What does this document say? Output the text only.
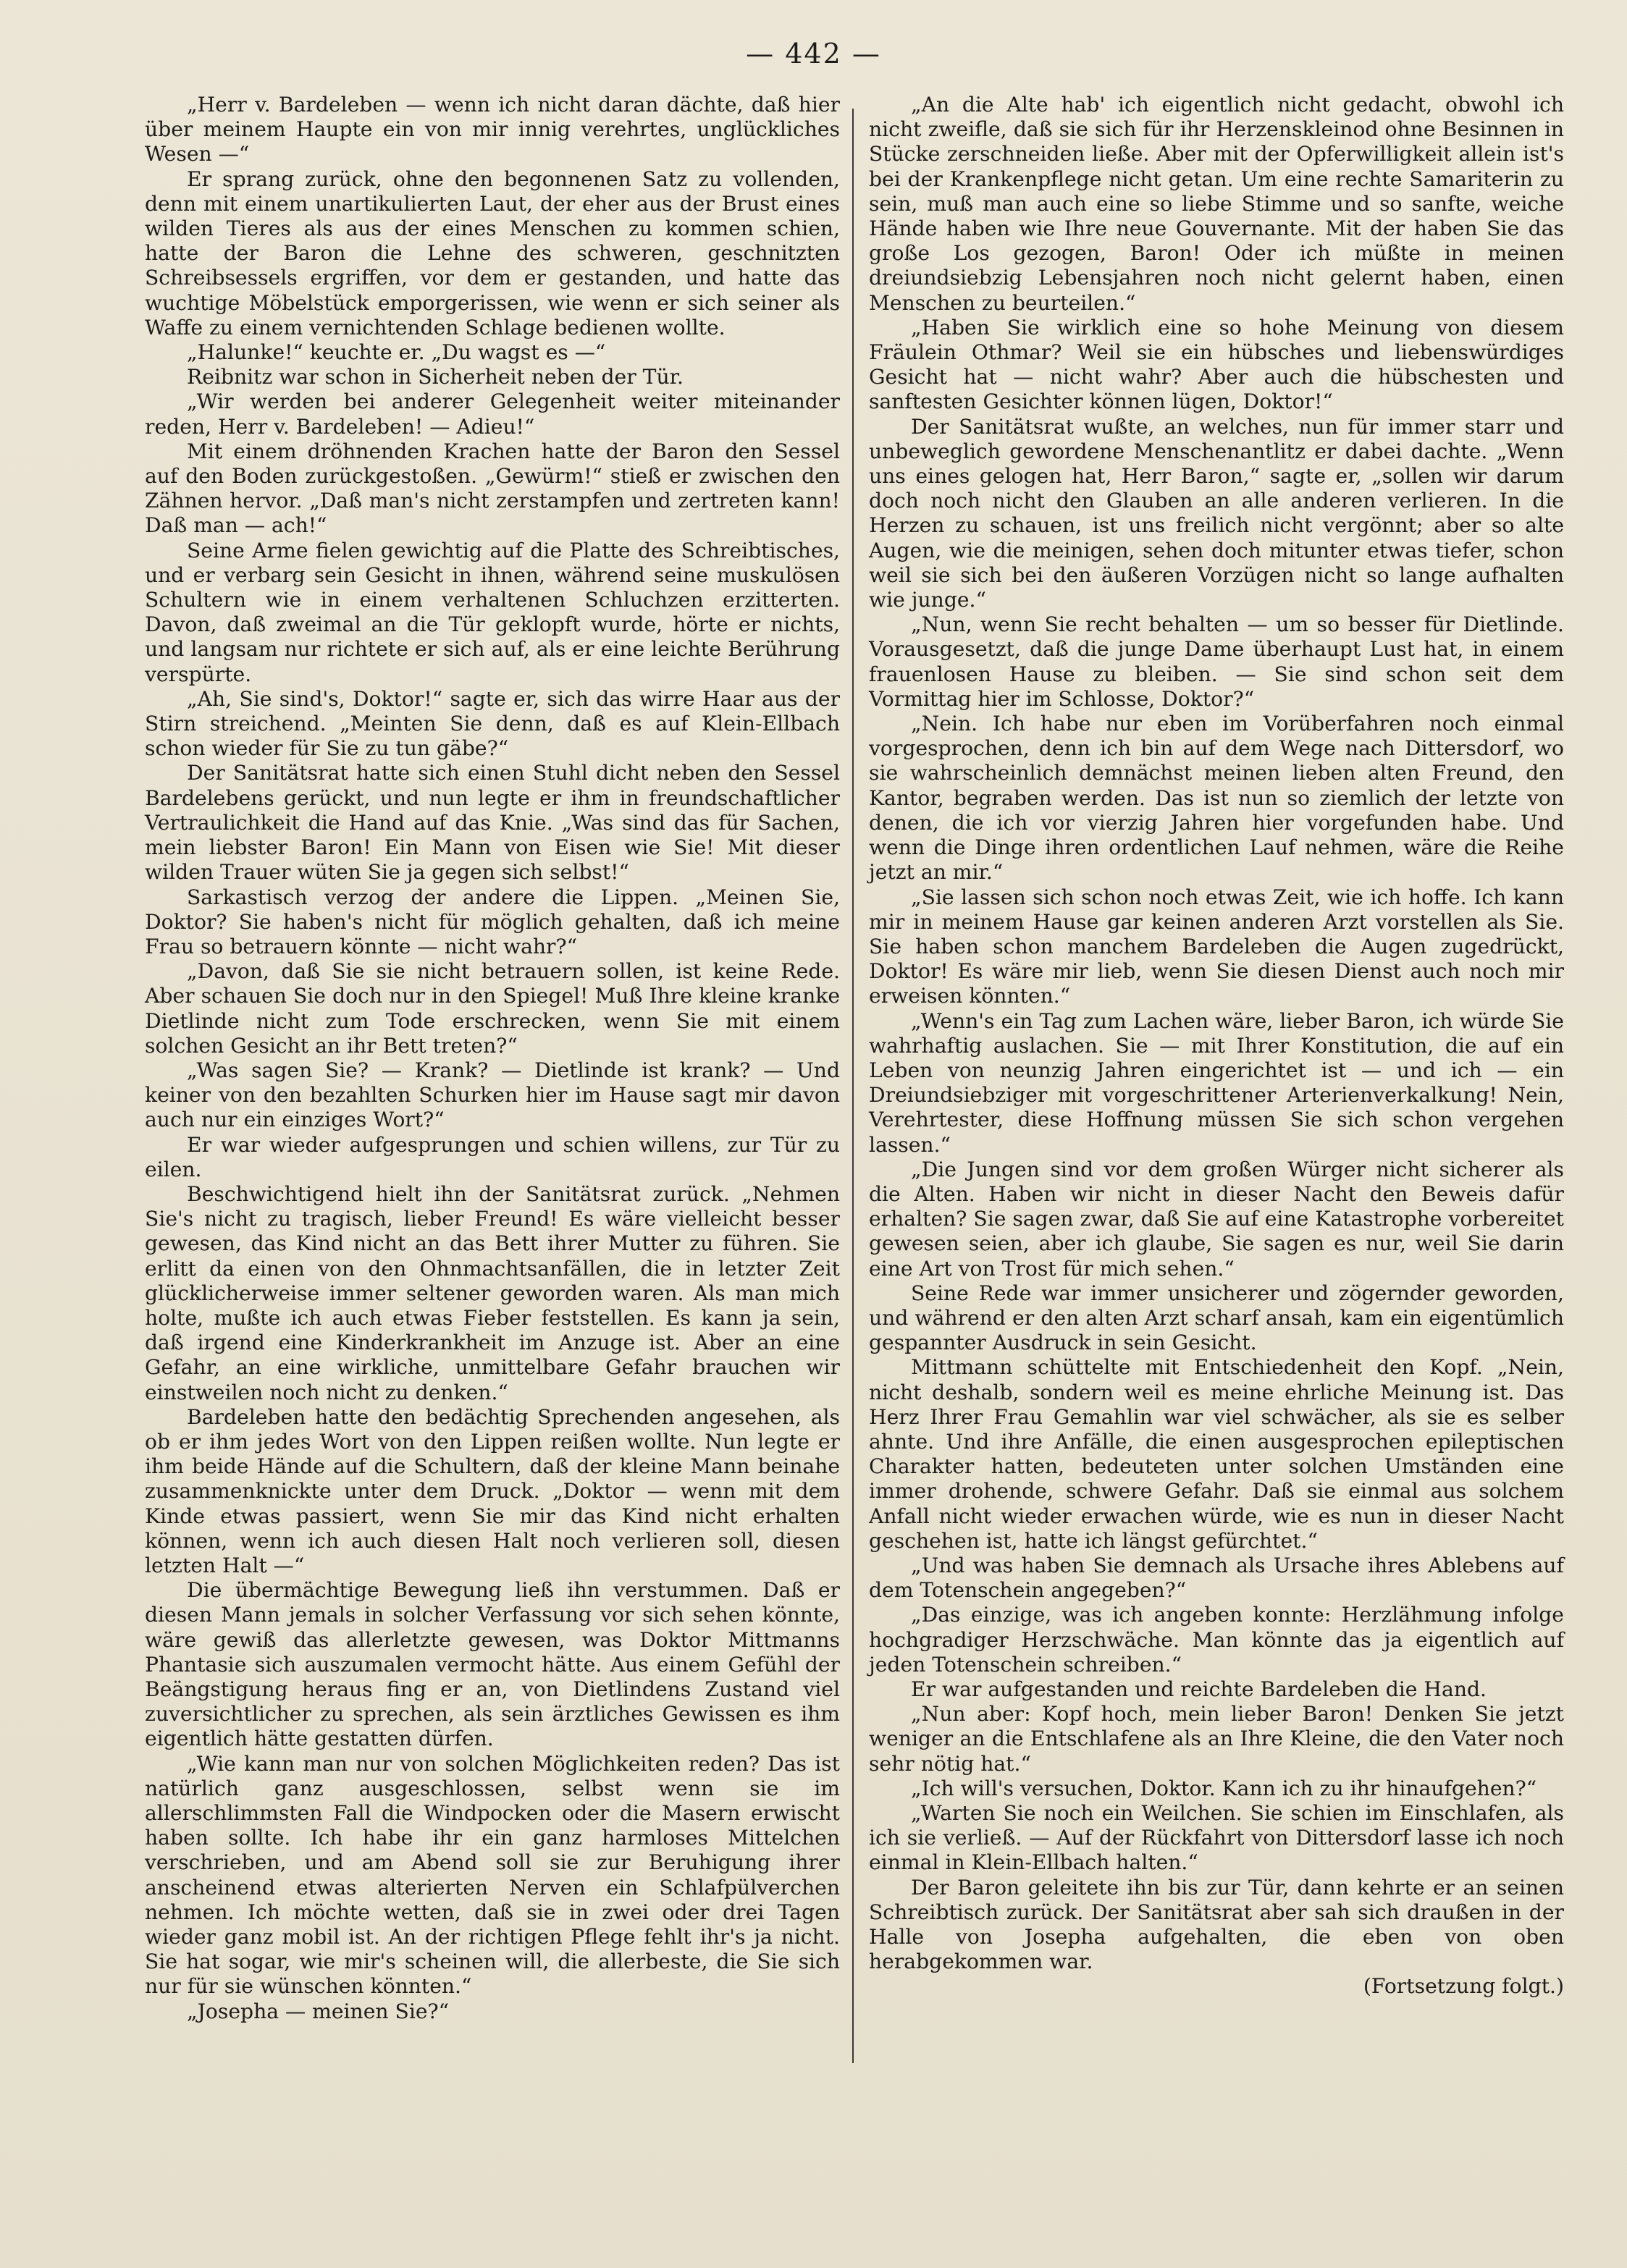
— 442 —

„Herr v. Bardeleben — wenn ich nicht daran dächte, daß hier über meinem Haupte ein von mir innig verehrtes, unglückliches Wesen —“

Er sprang zurück, ohne den begonnenen Satz zu vollenden, denn mit einem unartikulierten Laut, der eher aus der Brust eines wilden Tieres als aus der eines Menschen zu kommen schien, hatte der Baron die Lehne des schweren, geschnitzten Schreibsessels ergriffen, vor dem er gestanden, und hatte das wuchtige Möbelstück emporgerissen, wie wenn er sich seiner als Waffe zu einem vernichtenden Schlage bedienen wollte.

„Halunke!“ keuchte er. „Du wagst es —“

Reibnitz war schon in Sicherheit neben der Tür.

„Wir werden bei anderer Gelegenheit weiter miteinander reden, Herr v. Bardeleben! — Adieu!“

Mit einem dröhnenden Krachen hatte der Baron den Sessel auf den Boden zurückgestoßen. „Gewürm!“ stieß er zwischen den Zähnen hervor. „Daß man's nicht zerstampfen und zertreten kann! Daß man — ach!“

Seine Arme fielen gewichtig auf die Platte des Schreibtisches, und er verbarg sein Gesicht in ihnen, während seine muskulösen Schultern wie in einem verhaltenen Schluchzen erzitterten. Davon, daß zweimal an die Tür geklopft wurde, hörte er nichts, und langsam nur richtete er sich auf, als er eine leichte Berührung verspürte.

„Ah, Sie sind's, Doktor!“ sagte er, sich das wirre Haar aus der Stirn streichend. „Meinten Sie denn, daß es auf Klein-Ellbach schon wieder für Sie zu tun gäbe?“

Der Sanitätsrat hatte sich einen Stuhl dicht neben den Sessel Bardelebens gerückt, und nun legte er ihm in freundschaftlicher Vertraulichkeit die Hand auf das Knie. „Was sind das für Sachen, mein liebster Baron! Ein Mann von Eisen wie Sie! Mit dieser wilden Trauer wüten Sie ja gegen sich selbst!“

Sarkastisch verzog der andere die Lippen. „Meinen Sie, Doktor? Sie haben's nicht für möglich gehalten, daß ich meine Frau so betrauern könnte — nicht wahr?“

„Davon, daß Sie sie nicht betrauern sollen, ist keine Rede. Aber schauen Sie doch nur in den Spiegel! Muß Ihre kleine kranke Dietlinde nicht zum Tode erschrecken, wenn Sie mit einem solchen Gesicht an ihr Bett treten?“

„Was sagen Sie? — Krank? — Dietlinde ist krank? — Und keiner von den bezahlten Schurken hier im Hause sagt mir davon auch nur ein einziges Wort?“

Er war wieder aufgesprungen und schien willens, zur Tür zu eilen.

Beschwichtigend hielt ihn der Sanitätsrat zurück. „Nehmen Sie's nicht zu tragisch, lieber Freund! Es wäre vielleicht besser gewesen, das Kind nicht an das Bett ihrer Mutter zu führen. Sie erlitt da einen von den Ohnmachtsanfällen, die in letzter Zeit glücklicherweise immer seltener geworden waren. Als man mich holte, mußte ich auch etwas Fieber feststellen. Es kann ja sein, daß irgend eine Kinderkrankheit im Anzuge ist. Aber an eine Gefahr, an eine wirkliche, unmittelbare Gefahr brauchen wir einstweilen noch nicht zu denken.“

Bardeleben hatte den bedächtig Sprechenden angesehen, als ob er ihm jedes Wort von den Lippen reißen wollte. Nun legte er ihm beide Hände auf die Schultern, daß der kleine Mann beinahe zusammenknickte unter dem Druck. „Doktor — wenn mit dem Kinde etwas passiert, wenn Sie mir das Kind nicht erhalten können, wenn ich auch diesen Halt noch verlieren soll, diesen letzten Halt —“

Die übermächtige Bewegung ließ ihn verstummen. Daß er diesen Mann jemals in solcher Verfassung vor sich sehen könnte, wäre gewiß das allerletzte gewesen, was Doktor Mittmanns Phantasie sich auszumalen vermocht hätte. Aus einem Gefühl der Beängstigung heraus fing er an, von Dietlindens Zustand viel zuversichtlicher zu sprechen, als sein ärztliches Gewissen es ihm eigentlich hätte gestatten dürfen.

„Wie kann man nur von solchen Möglichkeiten reden? Das ist natürlich ganz ausgeschlossen, selbst wenn sie im allerschlimmsten Fall die Windpocken oder die Masern erwischt haben sollte. Ich habe ihr ein ganz harmloses Mittelchen verschrieben, und am Abend soll sie zur Beruhigung ihrer anscheinend etwas alterierten Nerven ein Schlafpülverchen nehmen. Ich möchte wetten, daß sie in zwei oder drei Tagen wieder ganz mobil ist. An der richtigen Pflege fehlt ihr's ja nicht. Sie hat sogar, wie mir's scheinen will, die allerbeste, die Sie sich nur für sie wünschen könnten.“

„Josepha — meinen Sie?“

„An die Alte hab' ich eigentlich nicht gedacht, obwohl ich nicht zweifle, daß sie sich für ihr Herzenskleinod ohne Besinnen in Stücke zerschneiden ließe. Aber mit der Opferwilligkeit allein ist's bei der Krankenpflege nicht getan. Um eine rechte Samariterin zu sein, muß man auch eine so liebe Stimme und so sanfte, weiche Hände haben wie Ihre neue Gouvernante. Mit der haben Sie das große Los gezogen, Baron! Oder ich müßte in meinen dreiundsiebzig Lebensjahren noch nicht gelernt haben, einen Menschen zu beurteilen.“

„Haben Sie wirklich eine so hohe Meinung von diesem Fräulein Othmar? Weil sie ein hübsches und liebenswürdiges Gesicht hat — nicht wahr? Aber auch die hübschesten und sanftesten Gesichter können lügen, Doktor!“

Der Sanitätsrat wußte, an welches, nun für immer starr und unbeweglich gewordene Menschenantlitz er dabei dachte. „Wenn uns eines gelogen hat, Herr Baron,“ sagte er, „sollen wir darum doch noch nicht den Glauben an alle anderen verlieren. In die Herzen zu schauen, ist uns freilich nicht vergönnt; aber so alte Augen, wie die meinigen, sehen doch mitunter etwas tiefer, schon weil sie sich bei den äußeren Vorzügen nicht so lange aufhalten wie junge.“

„Nun, wenn Sie recht behalten — um so besser für Dietlinde. Vorausgesetzt, daß die junge Dame überhaupt Lust hat, in einem frauenlosen Hause zu bleiben. — Sie sind schon seit dem Vormittag hier im Schlosse, Doktor?“

„Nein. Ich habe nur eben im Vorüberfahren noch einmal vorgesprochen, denn ich bin auf dem Wege nach Dittersdorf, wo sie wahrscheinlich demnächst meinen lieben alten Freund, den Kantor, begraben werden. Das ist nun so ziemlich der letzte von denen, die ich vor vierzig Jahren hier vorgefunden habe. Und wenn die Dinge ihren ordentlichen Lauf nehmen, wäre die Reihe jetzt an mir.“

„Sie lassen sich schon noch etwas Zeit, wie ich hoffe. Ich kann mir in meinem Hause gar keinen anderen Arzt vorstellen als Sie. Sie haben schon manchem Bardeleben die Augen zugedrückt, Doktor! Es wäre mir lieb, wenn Sie diesen Dienst auch noch mir erweisen könnten.“

„Wenn's ein Tag zum Lachen wäre, lieber Baron, ich würde Sie wahrhaftig auslachen. Sie — mit Ihrer Konstitution, die auf ein Leben von neunzig Jahren eingerichtet ist — und ich — ein Dreiundsiebziger mit vorgeschrittener Arterienverkalkung! Nein, Verehrtester, diese Hoffnung müssen Sie sich schon vergehen lassen.“

„Die Jungen sind vor dem großen Würger nicht sicherer als die Alten. Haben wir nicht in dieser Nacht den Beweis dafür erhalten? Sie sagen zwar, daß Sie auf eine Katastrophe vorbereitet gewesen seien, aber ich glaube, Sie sagen es nur, weil Sie darin eine Art von Trost für mich sehen.“

Seine Rede war immer unsicherer und zögernder geworden, und während er den alten Arzt scharf ansah, kam ein eigentümlich gespannter Ausdruck in sein Gesicht.

Mittmann schüttelte mit Entschiedenheit den Kopf. „Nein, nicht deshalb, sondern weil es meine ehrliche Meinung ist. Das Herz Ihrer Frau Gemahlin war viel schwächer, als sie es selber ahnte. Und ihre Anfälle, die einen ausgesprochen epileptischen Charakter hatten, bedeuteten unter solchen Umständen eine immer drohende, schwere Gefahr. Daß sie einmal aus solchem Anfall nicht wieder erwachen würde, wie es nun in dieser Nacht geschehen ist, hatte ich längst gefürchtet.“

„Und was haben Sie demnach als Ursache ihres Ablebens auf dem Totenschein angegeben?“

„Das einzige, was ich angeben konnte: Herzlähmung infolge hochgradiger Herzschwäche. Man könnte das ja eigentlich auf jeden Totenschein schreiben.“

Er war aufgestanden und reichte Bardeleben die Hand.

„Nun aber: Kopf hoch, mein lieber Baron! Denken Sie jetzt weniger an die Entschlafene als an Ihre Kleine, die den Vater noch sehr nötig hat.“

„Ich will's versuchen, Doktor. Kann ich zu ihr hinaufgehen?“

„Warten Sie noch ein Weilchen. Sie schien im Einschlafen, als ich sie verließ. — Auf der Rückfahrt von Dittersdorf lasse ich noch einmal in Klein-Ellbach halten.“

Der Baron geleitete ihn bis zur Tür, dann kehrte er an seinen Schreibtisch zurück. Der Sanitätsrat aber sah sich draußen in der Halle von Josepha aufgehalten, die eben von oben herabgekommen war.

(Fortsetzung folgt.)
